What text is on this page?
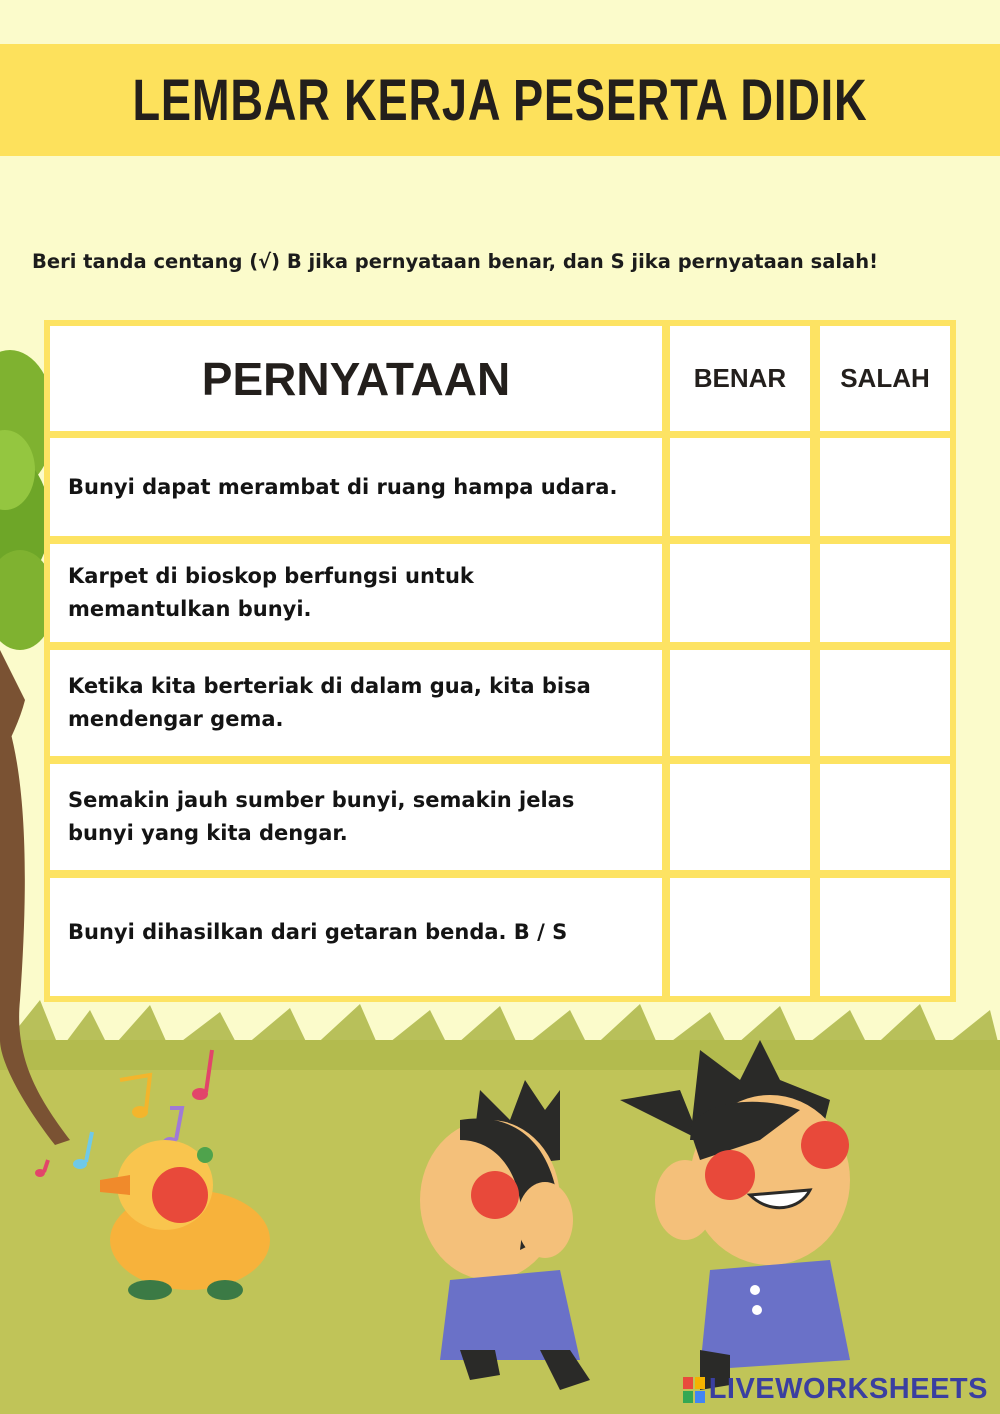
LEMBAR KERJA PESERTA DIDIK
Beri tanda centang (√) B jika pernyataan benar, dan S jika pernyataan salah!
PERNYATAAN	BENAR	SALAH
Bunyi dapat merambat di ruang hampa udara.
Karpet di bioskop berfungsi untuk memantulkan bunyi.
Ketika kita berteriak di dalam gua, kita bisa mendengar gema.
Semakin jauh sumber bunyi, semakin jelas bunyi yang kita dengar.
Bunyi dihasilkan dari getaran benda. B / S
LIVEWORKSHEETS
